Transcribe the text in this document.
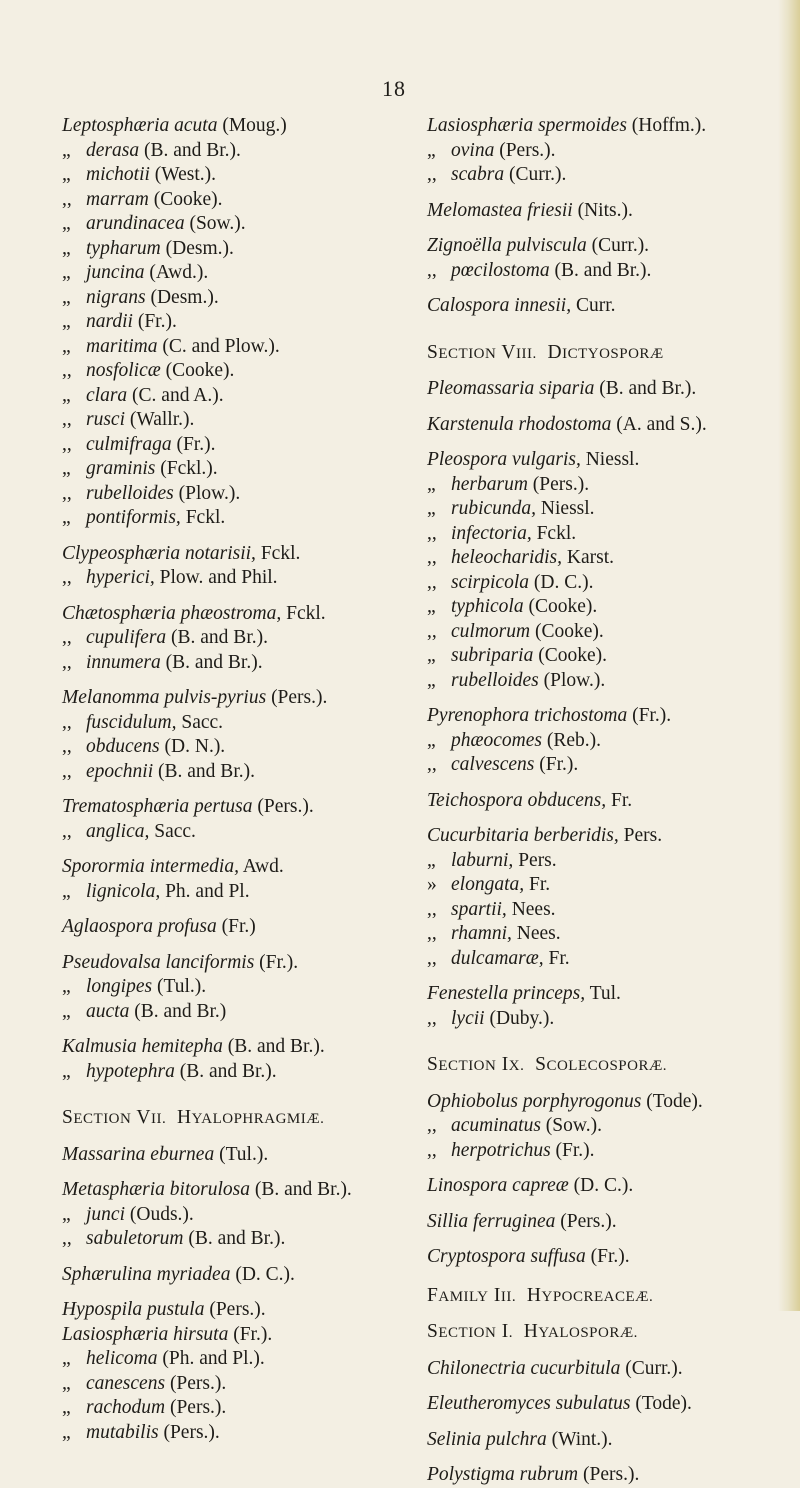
18
Leptosphæria acuta (Moug.)
„ derasa (B. and Br.).
„ michotii (West.).
,, marram (Cooke).
„ arundinacea (Sow.).
„ typharum (Desm.).
„ juncina (Awd.).
„ nigrans (Desm.).
„ nardii (Fr.).
„ maritima (C. and Plow.).
,, nosfolicæ (Cooke).
„ clara (C. and A.).
,, rusci (Wallr.).
,, culmifraga (Fr.).
„ graminis (Fckl.).
,, rubelloides (Plow.).
„ pontiformis, Fckl.
Clypeosphæria notarisii, Fckl.
,, hyperici, Plow. and Phil.
Chætosphæria phæostroma, Fckl.
,, cupulifera (B. and Br.).
,, innumera (B. and Br.).
Melanomma pulvis-pyrius (Pers.).
,, fuscidulum, Sacc.
,, obducens (D. N.).
,, epochnii (B. and Br.).
Trematosphæria pertusa (Pers.).
,, anglica, Sacc.
Sporormia intermedia, Awd.
„ lignicola, Ph. and Pl.
Aglaospora profusa (Fr.)
Pseudovalsa lanciformis (Fr.).
„ longipes (Tul.).
„ aucta (B. and Br.)
Kalmusia hemitepha (B. and Br.).
„ hypotephra (B. and Br.).
SECTION VII. HYALOPHRAGMIÆ.
Massarina eburnea (Tul.).
Metasphæria bitorulosa (B. and Br.).
„ junci (Ouds.).
,, sabuletorum (B. and Br.).
Sphærulina myriadea (D. C.).
Hypospila pustula (Pers.).
Lasiosphæria hirsuta (Fr.).
„ helicoma (Ph. and Pl.).
„ canescens (Pers.).
„ rachodum (Pers.).
„ mutabilis (Pers.).
Lasiosphæria spermoides (Hoffm.).
„ ovina (Pers.).
,, scabra (Curr.).
Melomastea friesii (Nits.).
Zignoëlla pulviscula (Curr.).
,, pœcilostoma (B. and Br.).
Calospora innesii, Curr.
SECTION VIII. DICTYOSPORÆ
Pleomassaria siparia (B. and Br.).
Karstenula rhodostoma (A. and S.).
Pleospora vulgaris, Niessl.
„ herbarum (Pers.).
„ rubicunda, Niessl.
,, infectoria, Fckl.
,, heleocharidis, Karst.
,, scirpicola (D. C.).
„ typhicola (Cooke).
,, culmorum (Cooke).
„ subriparia (Cooke).
„ rubelloides (Plow.).
Pyrenophora trichostoma (Fr.).
„ phæocomes (Reb.).
,, calvescens (Fr.).
Teichospora obducens, Fr.
Cucurbitaria berberidis, Pers.
„ laburni, Pers.
» elongata, Fr.
,, spartii, Nees.
,, rhamni, Nees.
,, dulcamaræ, Fr.
Fenestella princeps, Tul.
,, lycii (Duby.).
SECTION IX. SCOLECOSPORÆ.
Ophiobolus porphyrogonus (Tode).
,, acuminatus (Sow.).
,, herpotrichus (Fr.).
Linospora capreæ (D. C.).
Sillia ferruginea (Pers.).
Cryptospora suffusa (Fr.).
FAMILY III. HYPOCREACEÆ.
SECTION I. HYALOSPORÆ.
Chilonectria cucurbitula (Curr.).
Eleutheromyces subulatus (Tode).
Selinia pulchra (Wint.).
Polystigma rubrum (Pers.).
